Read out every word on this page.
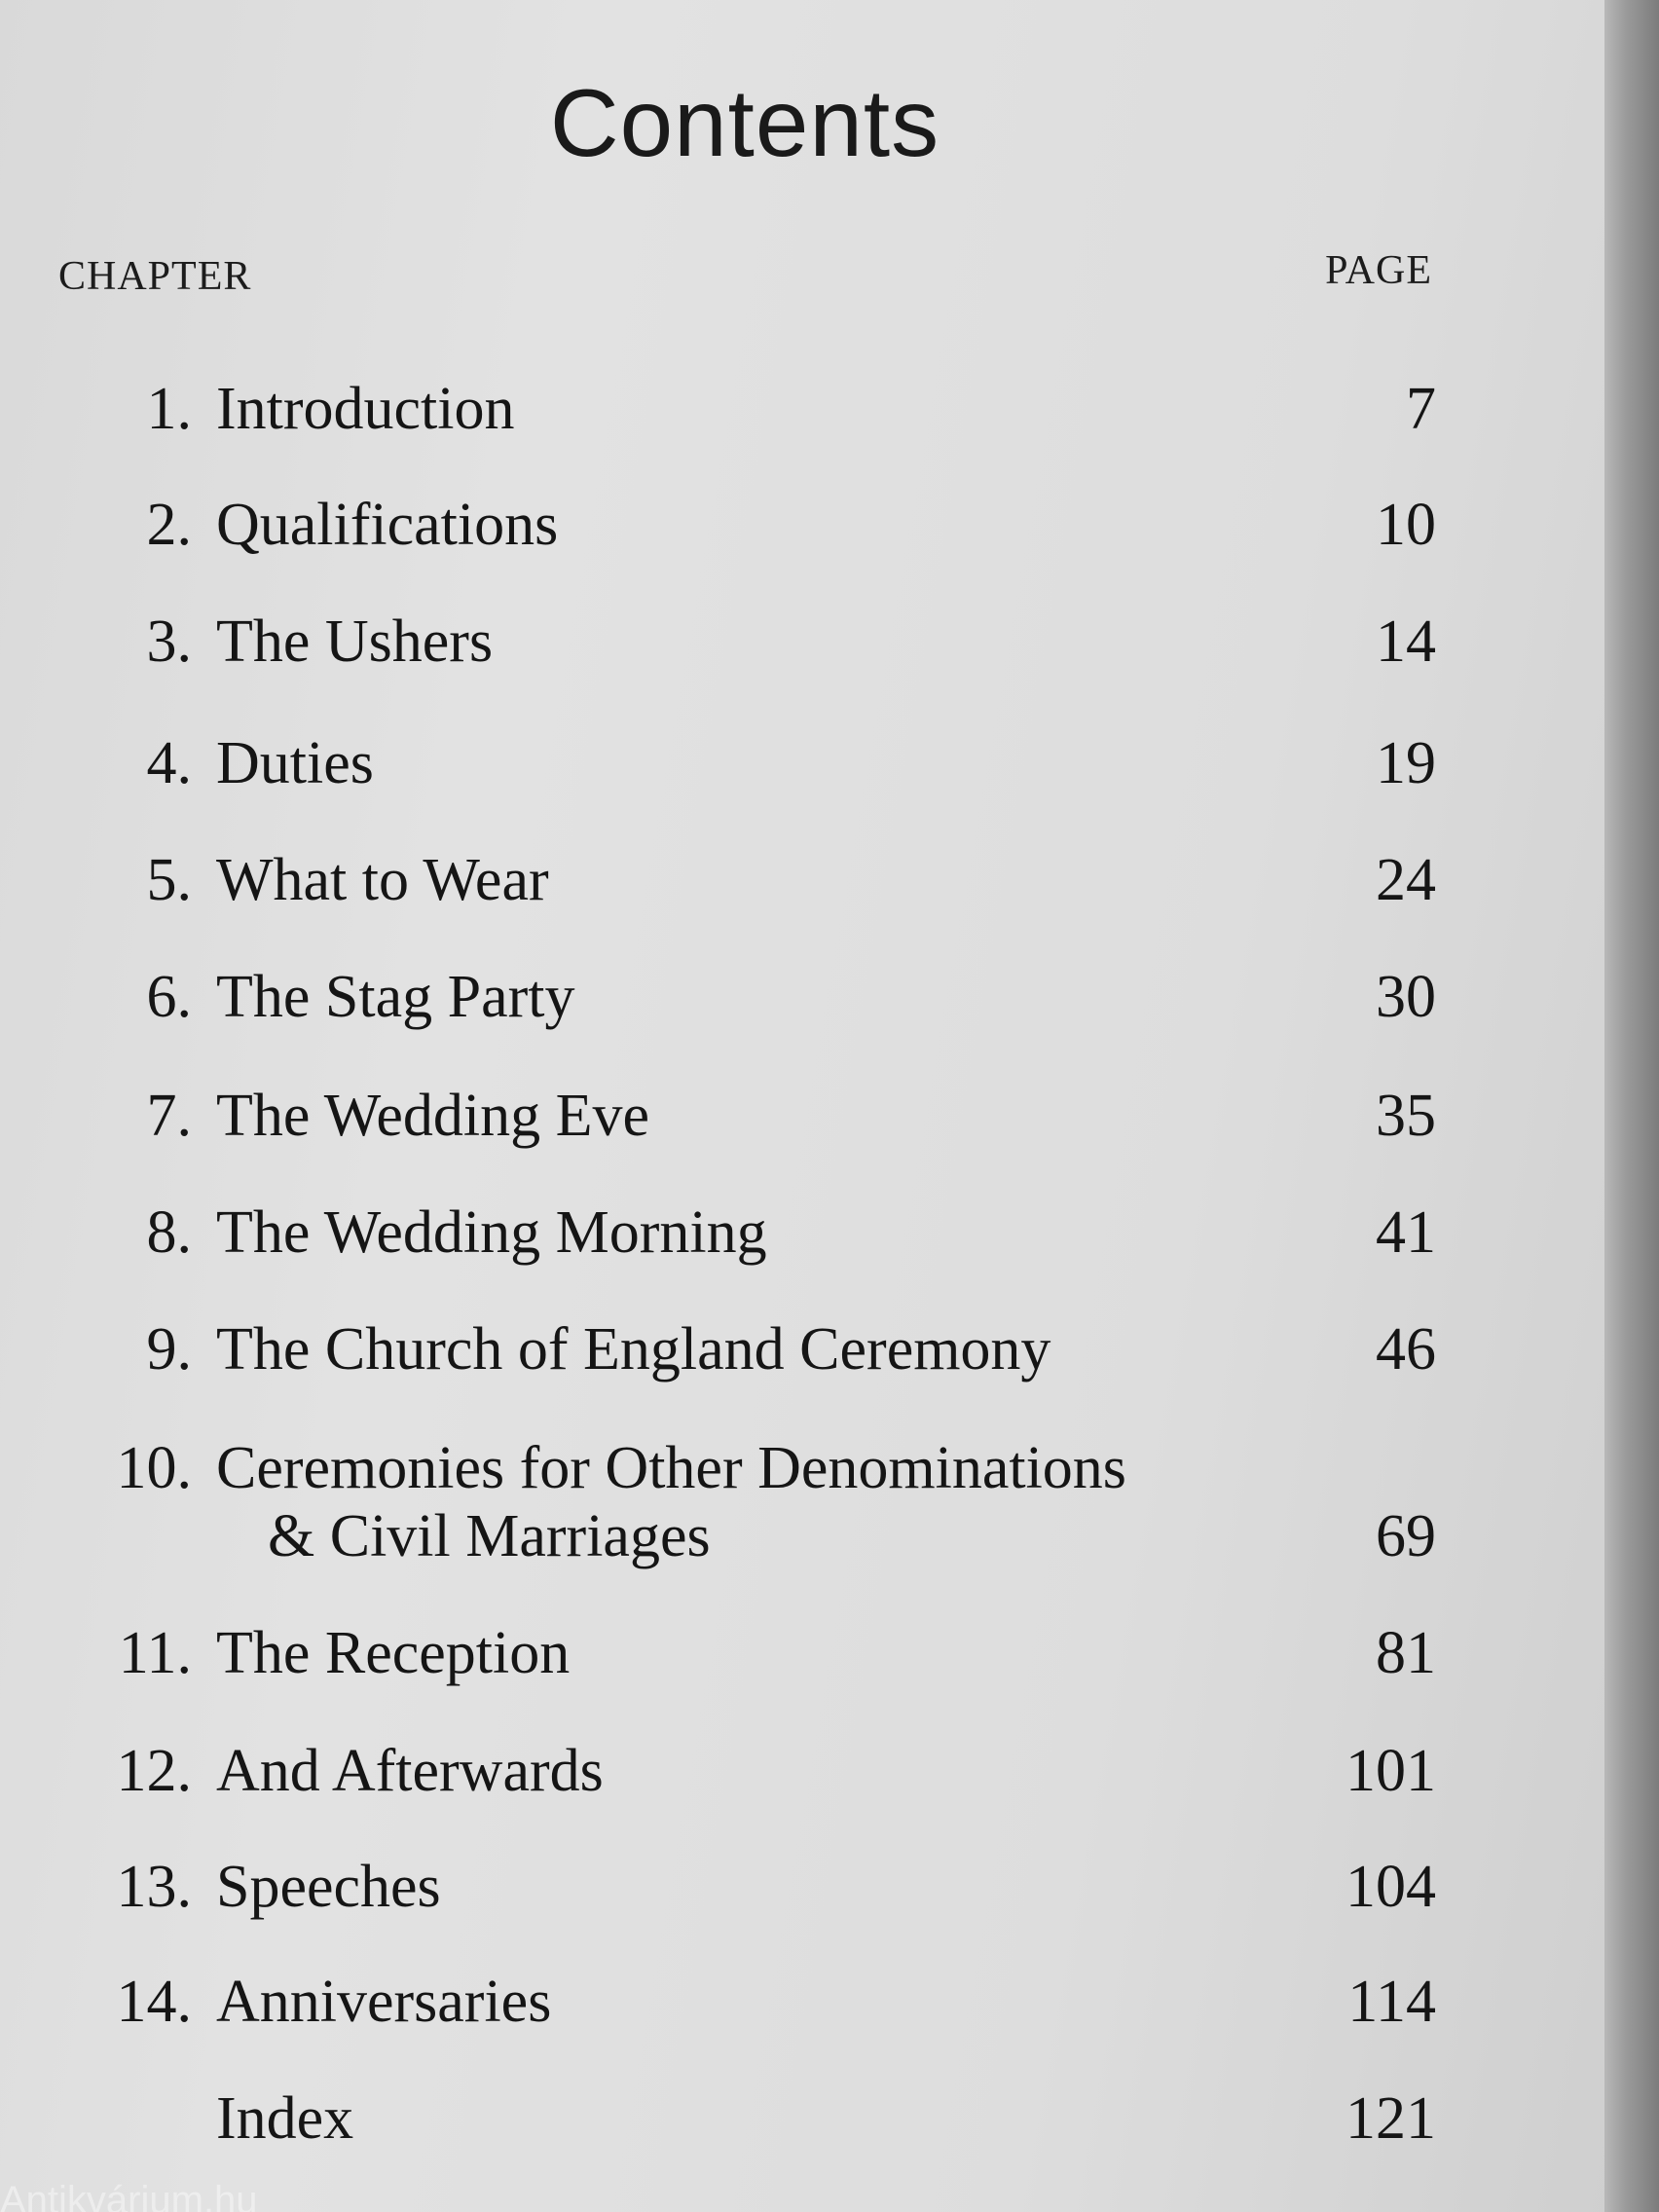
Contents
CHAPTER	PAGE
1. Introduction	7
2. Qualifications	10
3. The Ushers	14
4. Duties	19
5. What to Wear	24
6. The Stag Party	30
7. The Wedding Eve	35
8. The Wedding Morning	41
9. The Church of England Ceremony	46
10. Ceremonies for Other Denominations
& Civil Marriages	69
11. The Reception	81
12. And Afterwards	101
13. Speeches	104
14. Anniversaries	114
Index	121
Antikvárium.hu
